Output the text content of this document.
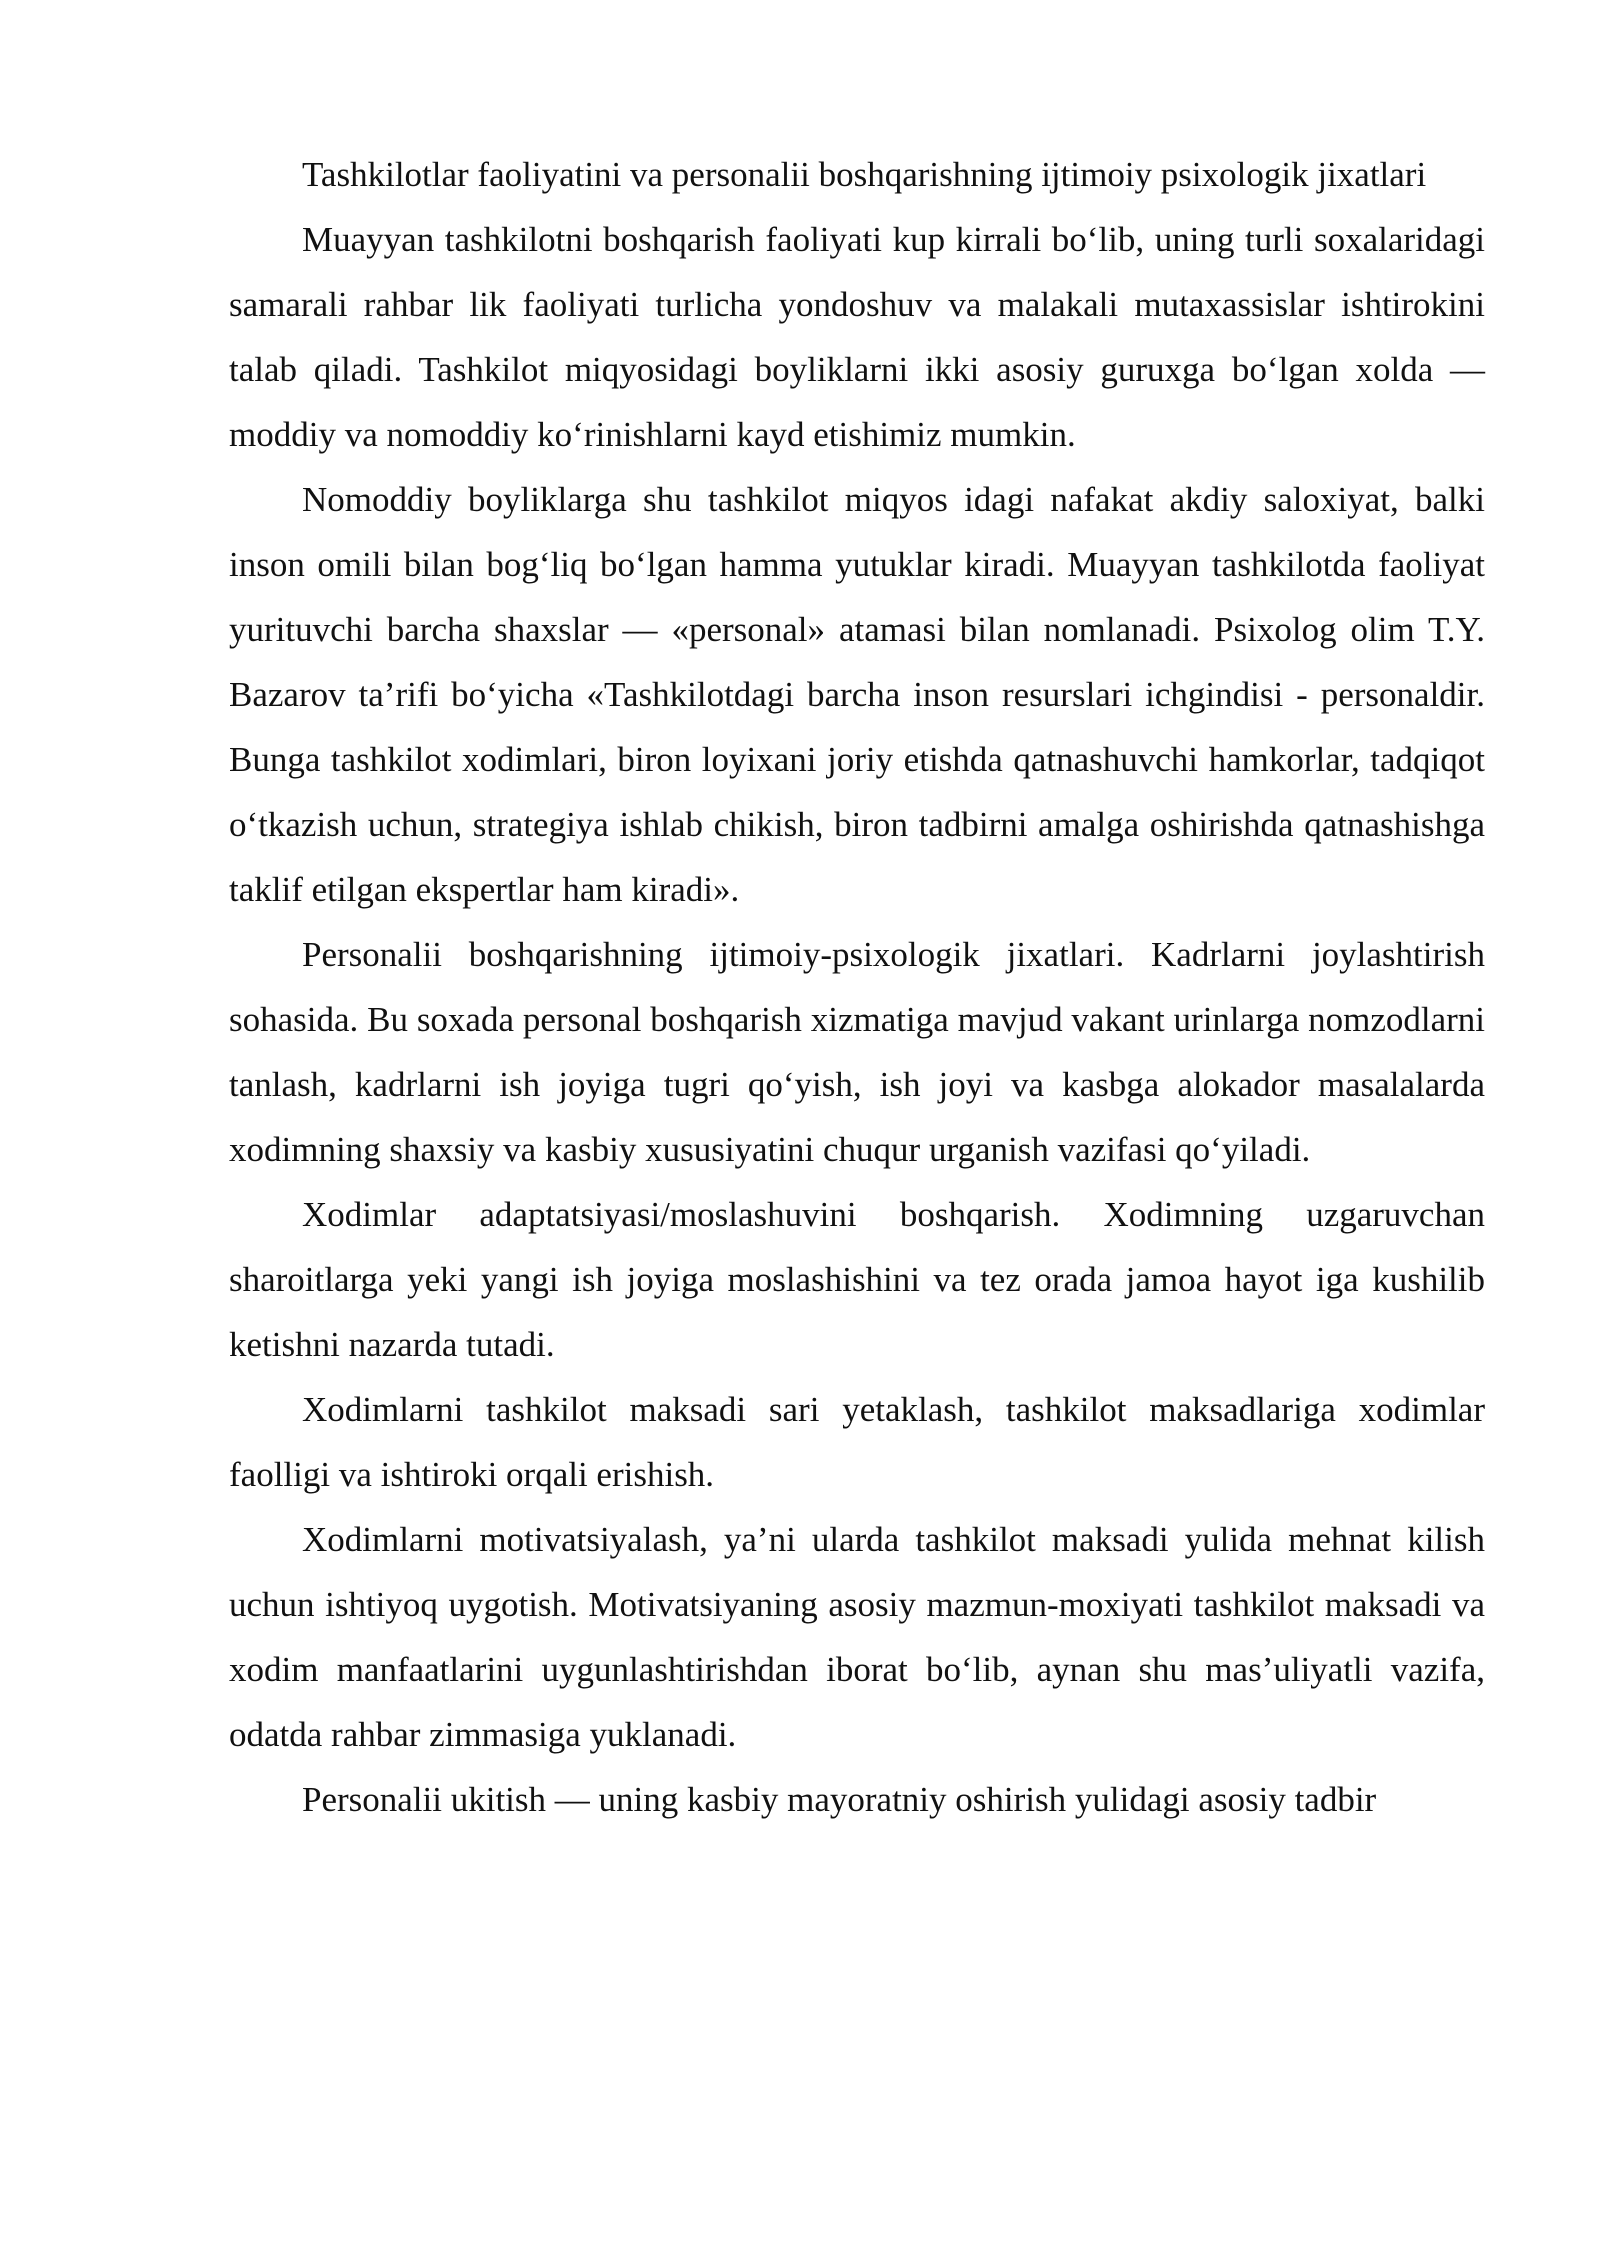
Tashkilotlar faoliyatini va personalii boshqarishning ijtimoiy psixologik jixatlari

Muayyan tashkilotni boshqarish faoliyati kup kirrali bo‘lib, uning turli soxalaridagi samarali rahbar lik faoliyati turlicha yondoshuv va malakali mutaxassislar ishtirokini talab qiladi. Tashkilot miqyosidagi boyliklarni ikki asosiy guruxga bo‘lgan xolda — moddiy va nomoddiy ko‘rinishlarni kayd etishimiz mumkin.

Nomoddiy boyliklarga shu tashkilot miqyos idagi nafakat akdiy saloxiyat, balki inson omili bilan bog‘liq bo‘lgan hamma yutuklar kiradi. Muayyan tashkilotda faoliyat yurituvchi barcha shaxslar — «personal» atamasi bilan nomlanadi. Psixolog olim T.Y. Bazarov ta’rifi bo‘yicha «Tashkilotdagi barcha inson resurslari ichgindisi - personaldir. Bunga tashkilot xodimlari, biron loyixani joriy etishda qatnashuvchi hamkorlar, tadqiqot o‘tkazish uchun, strategiya ishlab chikish, biron tadbirni amalga oshirishda qatnashishga taklif etilgan ekspertlar ham kiradi».

Personalii boshqarishning ijtimoiy-psixologik jixatlari. Kadrlarni joylashtirish sohasida. Bu soxada personal boshqarish xizmatiga mavjud vakant urinlarga nomzodlarni tanlash, kadrlarni ish joyiga tugri qo‘yish, ish joyi va kasbga alokador masalalarda xodimning shaxsiy va kasbiy xususiyatini chuqur urganish vazifasi qo‘yiladi.

Xodimlar adaptatsiyasi/moslashuvini boshqarish. Xodimning uzgaruvchan sharoitlarga yeki yangi ish joyiga moslashishini va tez orada jamoa hayot iga kushilib ketishni nazarda tutadi.

Xodimlarni tashkilot maksadi sari yetaklash, tashkilot maksadlariga xodimlar faolligi va ishtiroki orqali erishish.

Xodimlarni motivatsiyalash, ya’ni ularda tashkilot maksadi yulida mehnat kilish uchun ishtiyoq uygotish. Motivatsiyaning asosiy mazmun-moxiyati tashkilot maksadi va xodim manfaatlarini uygunlashtirishdan iborat bo‘lib, aynan shu mas’uliyatli vazifa, odatda rahbar zimmasiga yuklanadi.

Personalii ukitish — uning kasbiy mayoratniy oshirish yulidagi asosiy tadbir
